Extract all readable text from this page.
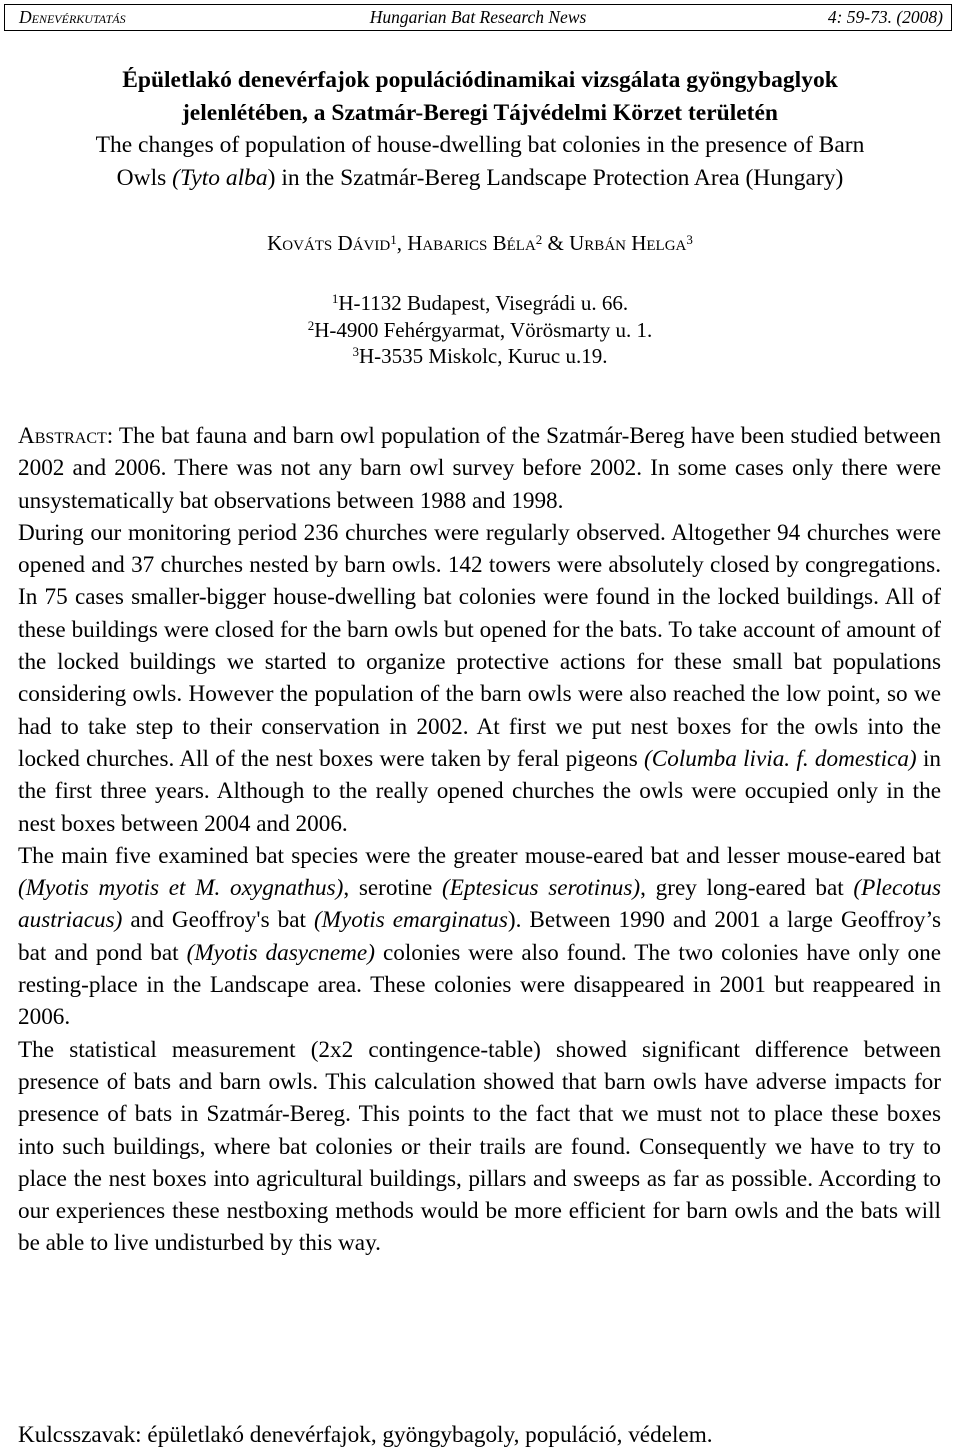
Denevérkutatás	Hungarian Bat Research News	4: 59-73. (2008)
Épületlakó denevérfajok populációdinamikai vizsgálata gyöngybaglyok
jelenlétében, a Szatmár-Beregi Tájvédelmi Körzet területén
The changes of population of house-dwelling bat colonies in the presence of Barn
Owls (Tyto alba) in the Szatmár-Bereg Landscape Protection Area (Hungary)
Kováts Dávid$^1$, Habarics Béla$^2$ & Urbán Helga$^3$
$^1$H-1132 Budapest, Visegrádi u. 66.
$^2$H-4900 Fehérgyarmat, Vörösmarty u. 1.
$^3$H-3535 Miskolc, Kuruc u.19.

Abstract: The bat fauna and barn owl population of the Szatmár-Bereg have been studied between 2002 and 2006. There was not any barn owl survey before 2002. In some cases only there were unsystematically bat observations between 1988 and 1998.

During our monitoring period 236 churches were regularly observed. Altogether 94 churches were opened and 37 churches nested by barn owls. 142 towers were absolutely closed by congregations. In 75 cases smaller-bigger house-dwelling bat colonies were found in the locked buildings. All of these buildings were closed for the barn owls but opened for the bats. To take account of amount of the locked buildings we started to organize protective actions for these small bat populations considering owls. However the population of the barn owls were also reached the low point, so we had to take step to their conservation in 2002. At first we put nest boxes for the owls into the locked churches. All of the nest boxes were taken by feral pigeons (Columba livia. f. domestica) in the first three years. Although to the really opened churches the owls were occupied only in the nest boxes between 2004 and 2006.

The main five examined bat species were the greater mouse-eared bat and lesser mouse-eared bat (Myotis myotis et M. oxygnathus), serotine (Eptesicus serotinus), grey long-eared bat (Plecotus austriacus) and Geoffroy's bat (Myotis emarginatus). Between 1990 and 2001 a large Geoffroy’s bat and pond bat (Myotis dasycneme) colonies were also found. The two colonies have only one resting-place in the Landscape area. These colonies were disappeared in 2001 but reappeared in 2006.

The statistical measurement (2x2 contingence-table) showed significant difference between presence of bats and barn owls. This calculation showed that barn owls have adverse impacts for presence of bats in Szatmár-Bereg. This points to the fact that we must not to place these boxes into such buildings, where bat colonies or their trails are found. Consequently we have to try to place the nest boxes into agricultural buildings, pillars and sweeps as far as possible. According to our experiences these nestboxing methods would be more efficient for barn owls and the bats will be able to live undisturbed by this way.

Kulcsszavak: épületlakó denevérfajok, gyöngybagoly, populáció, védelem.
